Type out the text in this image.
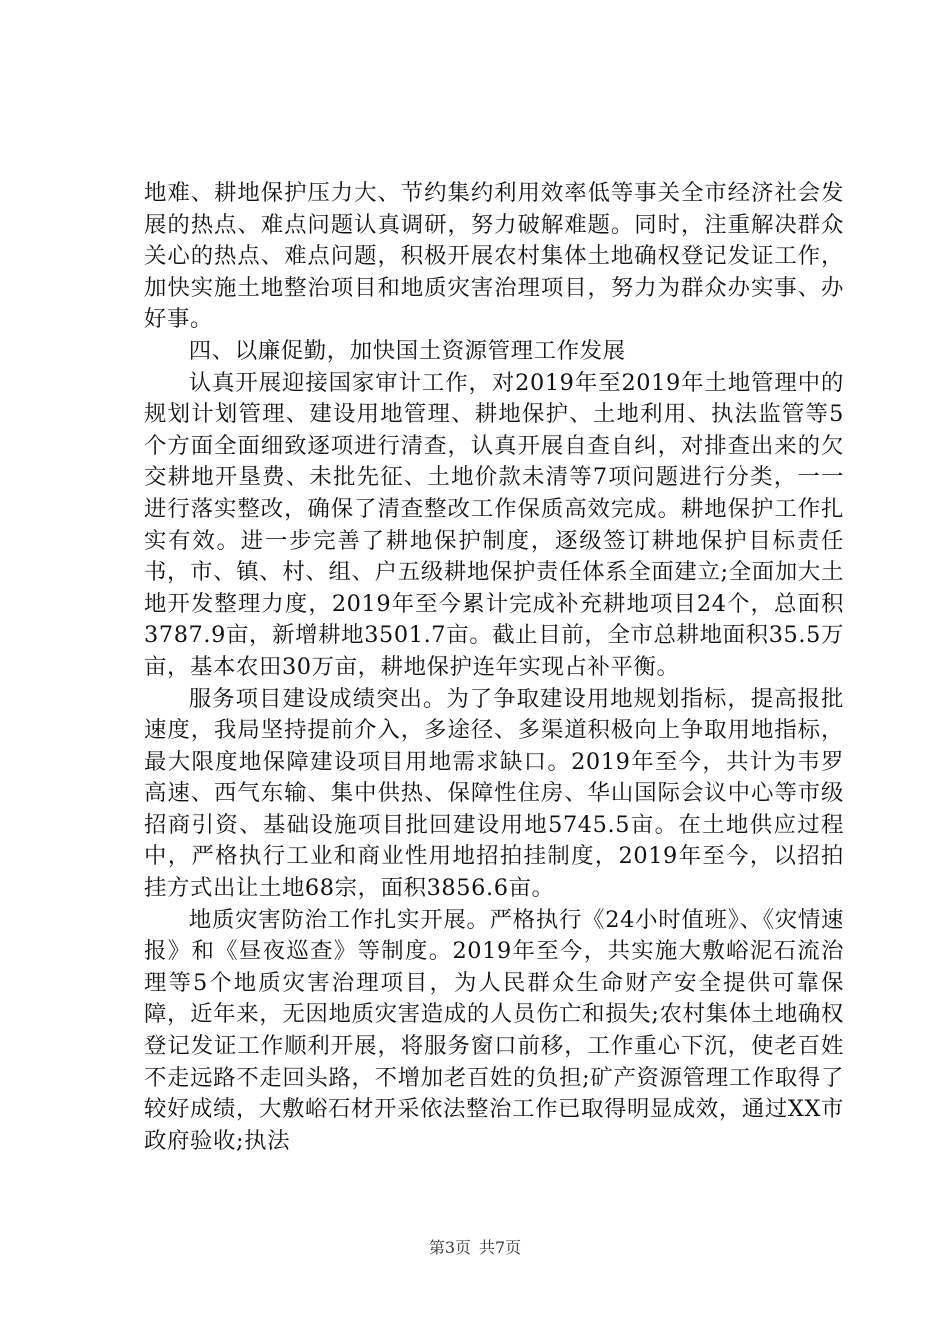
地难、耕地保护压力大、节约集约利用效率低等事关全市经济社会发展的热点、难点问题认真调研，努力破解难题。同时，注重解决群众关心的热点、难点问题，积极开展农村集体土地确权登记发证工作，加快实施土地整治项目和地质灾害治理项目，努力为群众办实事、办好事。

四、以廉促勤，加快国土资源管理工作发展

认真开展迎接国家审计工作，对2019年至2019年土地管理中的规划计划管理、建设用地管理、耕地保护、土地利用、执法监管等5个方面全面细致逐项进行清查，认真开展自查自纠，对排查出来的欠交耕地开垦费、未批先征、土地价款未清等7项问题进行分类，一一进行落实整改，确保了清查整改工作保质高效完成。耕地保护工作扎实有效。进一步完善了耕地保护制度，逐级签订耕地保护目标责任书，市、镇、村、组、户五级耕地保护责任体系全面建立;全面加大土地开发整理力度，2019年至今累计完成补充耕地项目24个，总面积3787.9亩，新增耕地3501.7亩。截止目前，全市总耕地面积35.5万亩，基本农田30万亩，耕地保护连年实现占补平衡。

服务项目建设成绩突出。为了争取建设用地规划指标，提高报批速度，我局坚持提前介入，多途径、多渠道积极向上争取用地指标，最大限度地保障建设项目用地需求缺口。2019年至今，共计为韦罗高速、西气东输、集中供热、保障性住房、华山国际会议中心等市级招商引资、基础设施项目批回建设用地5745.5亩。在土地供应过程中，严格执行工业和商业性用地招拍挂制度，2019年至今，以招拍挂方式出让土地68宗，面积3856.6亩。

地质灾害防治工作扎实开展。严格执行《24小时值班》、《灾情速报》和《昼夜巡查》等制度。2019年至今，共实施大敷峪泥石流治理等5个地质灾害治理项目，为人民群众生命财产安全提供可靠保障，近年来，无因地质灾害造成的人员伤亡和损失;农村集体土地确权登记发证工作顺利开展，将服务窗口前移，工作重心下沉，使老百姓不走远路不走回头路，不增加老百姓的负担;矿产资源管理工作取得了较好成绩，大敷峪石材开采依法整治工作已取得明显成效，通过XX市政府验收;执法

第3页 共7页
